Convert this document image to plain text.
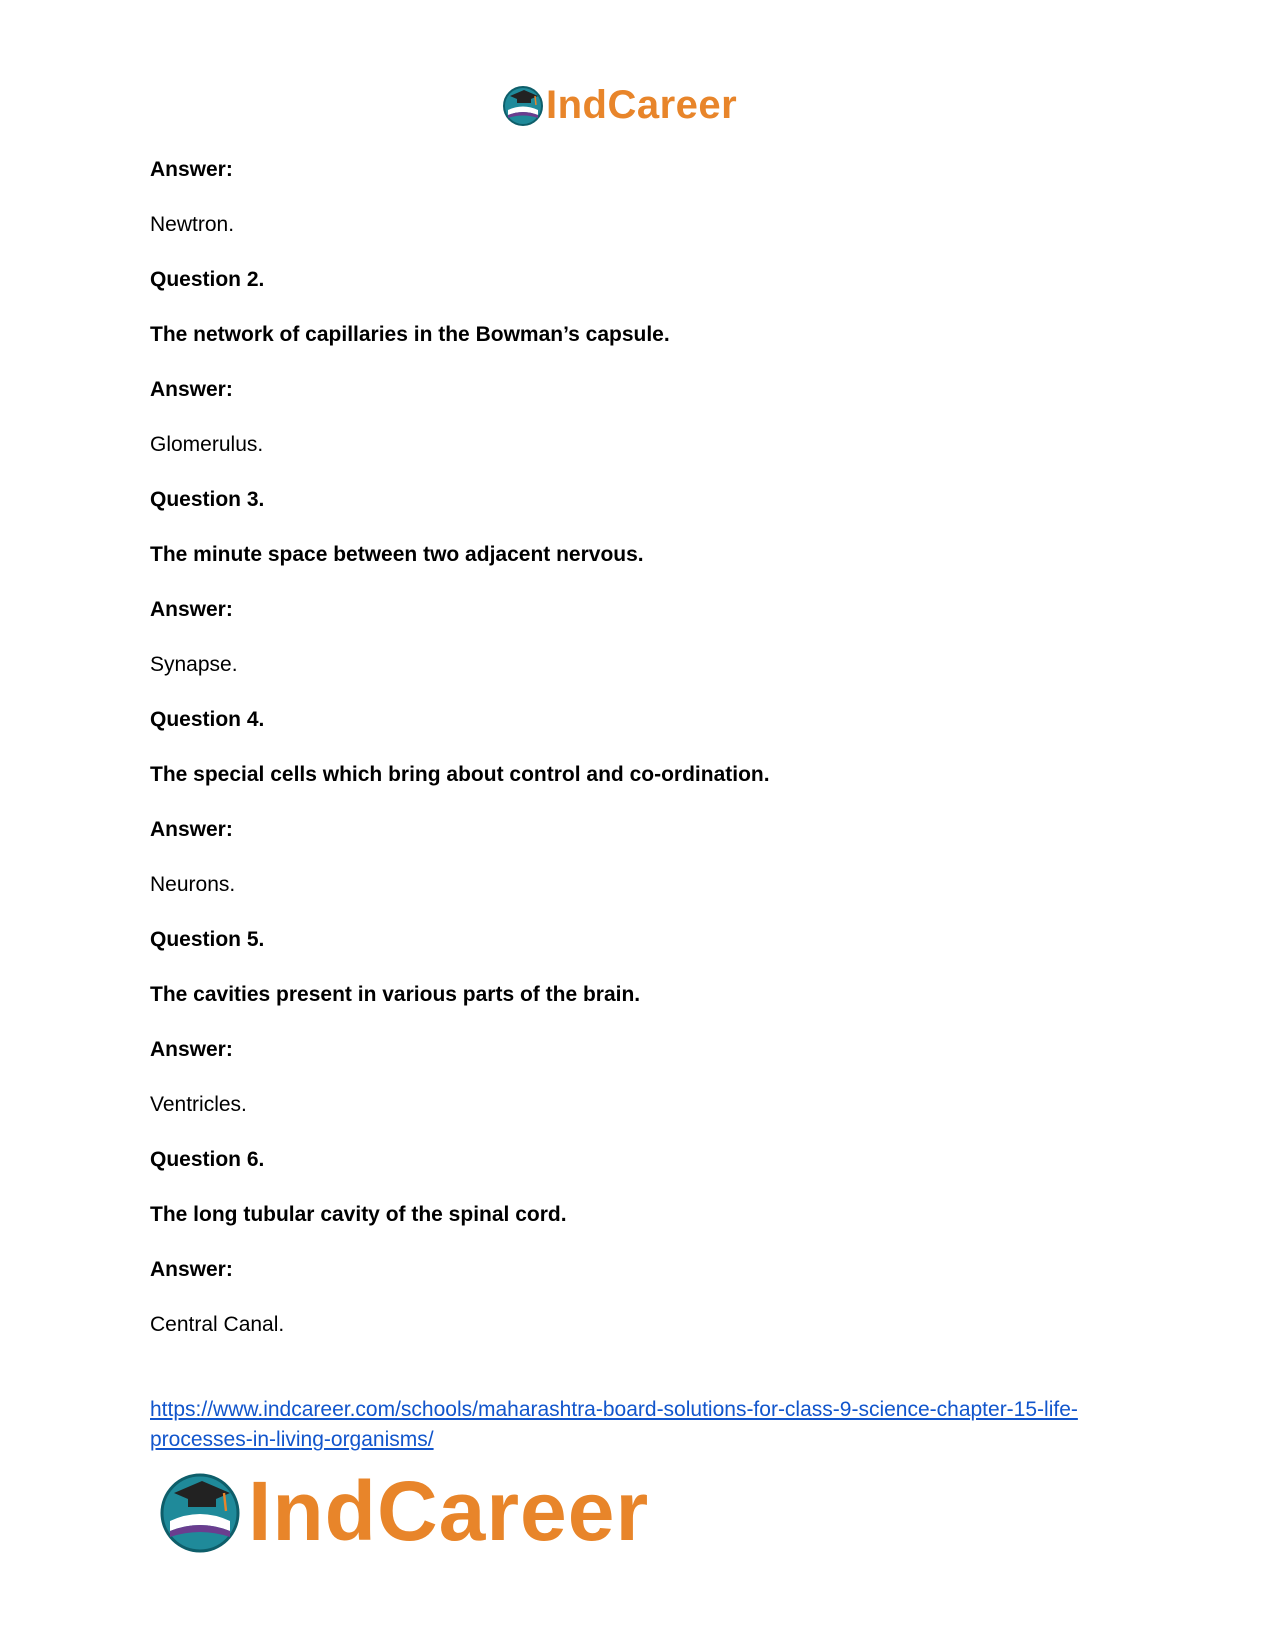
IndCareer
Answer:
Newtron.
Question 2.
The network of capillaries in the Bowman’s capsule.
Answer:
Glomerulus.
Question 3.
The minute space between two adjacent nervous.
Answer:
Synapse.
Question 4.
The special cells which bring about control and co-ordination.
Answer:
Neurons.
Question 5.
The cavities present in various parts of the brain.
Answer:
Ventricles.
Question 6.
The long tubular cavity of the spinal cord.
Answer:
Central Canal.
https://www.indcareer.com/schools/maharashtra-board-solutions-for-class-9-science-chapter-15-life-processes-in-living-organisms/
IndCareer
